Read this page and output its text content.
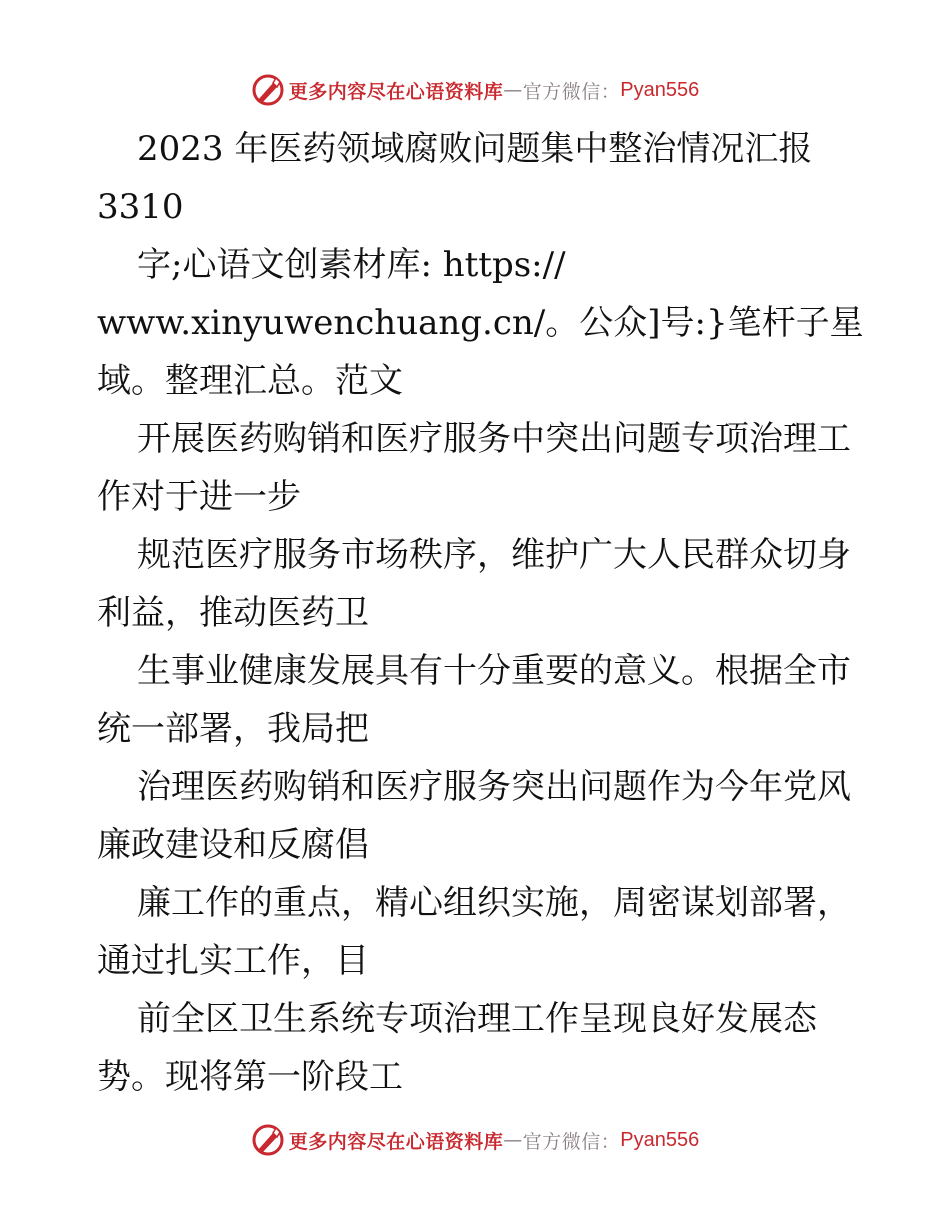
更多内容尽在心语资料库 — 官方微信： Pyan556

2023 年医药领域腐败问题集中整治情况汇报

3310

字;心语文创素材库: https://

www.xinyuwenchuang.cn/。公众]号:}笔杆子星

域。整理汇总。范文

开展医药购销和医疗服务中突出问题专项治理工

作对于进一步

规范医疗服务市场秩序，维护广大人民群众切身

利益，推动医药卫

生事业健康发展具有十分重要的意义。根据全市

统一部署，我局把

治理医药购销和医疗服务突出问题作为今年党风

廉政建设和反腐倡

廉工作的重点，精心组织实施，周密谋划部署，

通过扎实工作，目

前全区卫生系统专项治理工作呈现良好发展态

势。现将第一阶段工

更多内容尽在心语资料库 — 官方微信： Pyan556
